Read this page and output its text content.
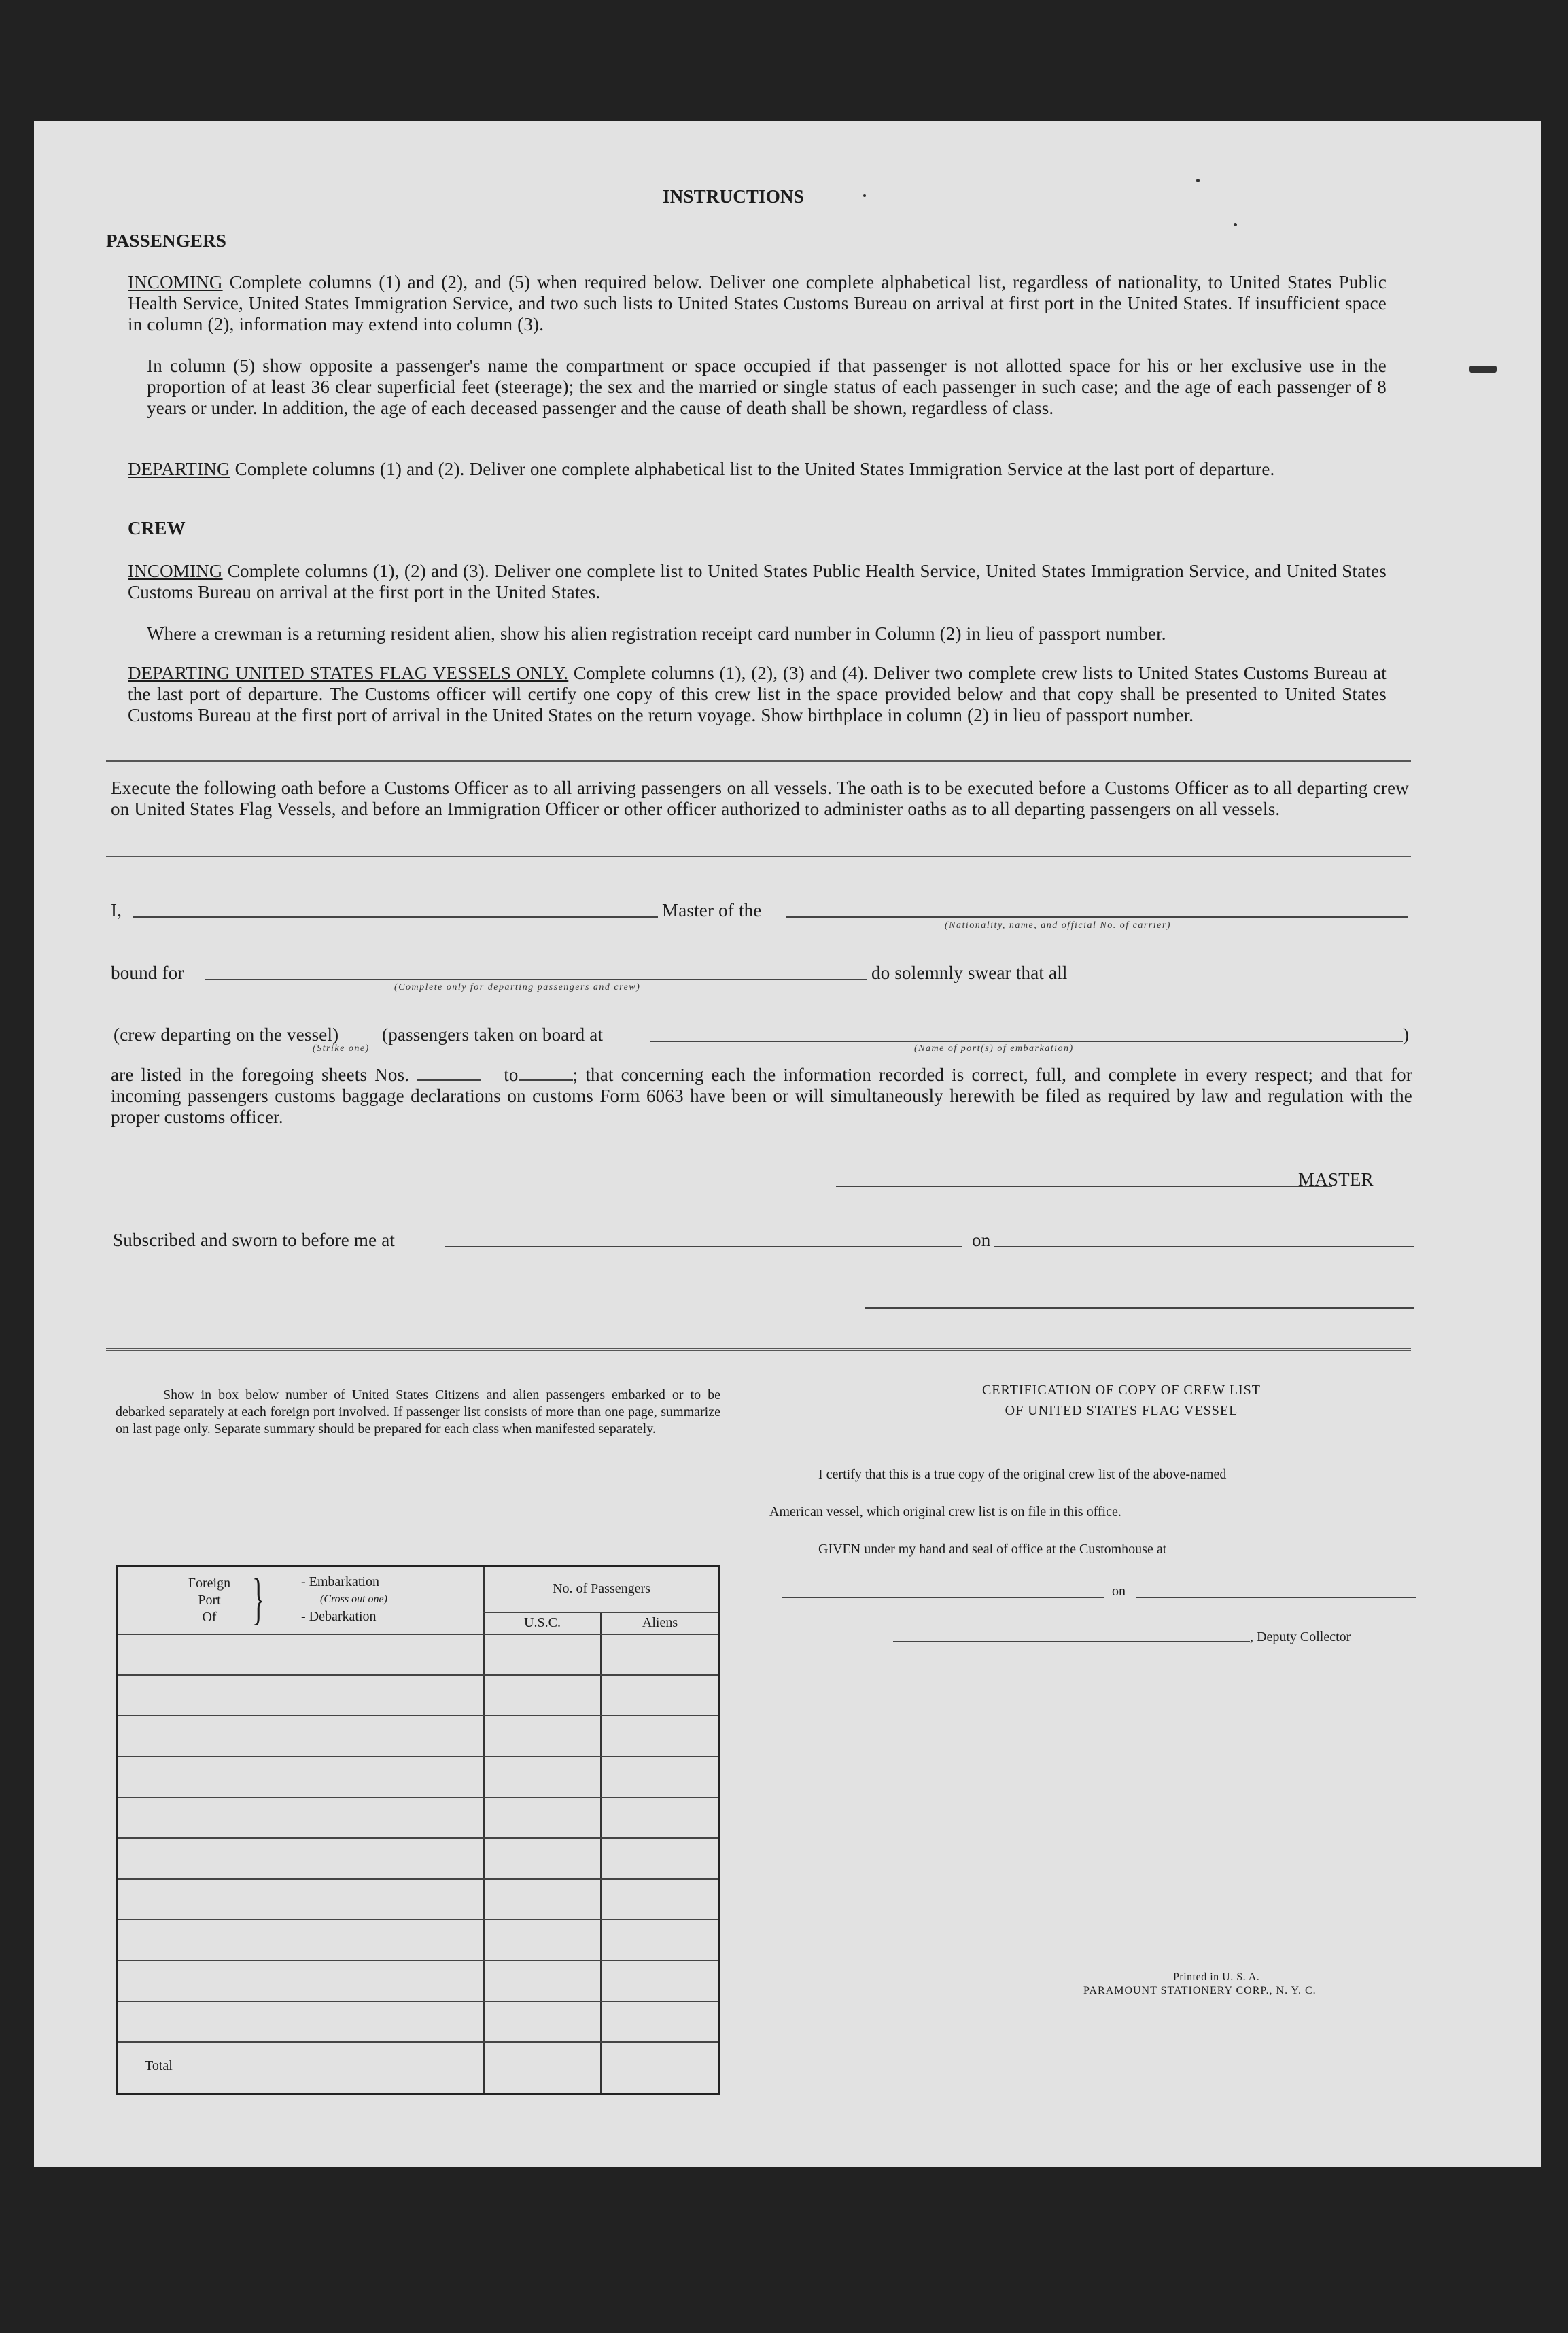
INSTRUCTIONS
PASSENGERS
INCOMING Complete columns (1) and (2), and (5) when required below. Deliver one complete alphabetical list, regardless of nationality, to United States Public Health Service, United States Immigration Service, and two such lists to United States Customs Bureau on arrival at first port in the United States. If insufficient space in column (2), information may extend into column (3).
In column (5) show opposite a passenger's name the compartment or space occupied if that passenger is not allotted space for his or her exclusive use in the proportion of at least 36 clear superficial feet (steerage); the sex and the married or single status of each passenger in such case; and the age of each passenger of 8 years or under. In addition, the age of each deceased passenger and the cause of death shall be shown, regardless of class.
DEPARTING Complete columns (1) and (2). Deliver one complete alphabetical list to the United States Immigration Service at the last port of departure.
CREW
INCOMING Complete columns (1), (2) and (3). Deliver one complete list to United States Public Health Service, United States Immigration Service, and United States Customs Bureau on arrival at the first port in the United States.
Where a crewman is a returning resident alien, show his alien registration receipt card number in Column (2) in lieu of passport number.
DEPARTING UNITED STATES FLAG VESSELS ONLY. Complete columns (1), (2), (3) and (4). Deliver two complete crew lists to United States Customs Bureau at the last port of departure. The Customs officer will certify one copy of this crew list in the space provided below and that copy shall be presented to United States Customs Bureau at the first port of arrival in the United States on the return voyage. Show birthplace in column (2) in lieu of passport number.
Execute the following oath before a Customs Officer as to all arriving passengers on all vessels. The oath is to be executed before a Customs Officer as to all departing crew on United States Flag Vessels, and before an Immigration Officer or other officer authorized to administer oaths as to all departing passengers on all vessels.
I,	Master of the
(Nationality, name, and official No. of carrier)
bound for
(Complete only for departing passengers and crew)
do solemnly swear that all
(crew departing on the vessel) (passengers taken on board at	)
(Strike one)	(Name of port(s) of embarkation)
are listed in the foregoing sheets Nos.	to	; that concerning each the information recorded is correct, full, and complete in every respect; and that for incoming passengers customs baggage declarations on customs Form 6063 have been or will simultaneously herewith be filed as required by law and regulation with the proper customs officer.
MASTER
Subscribed and sworn to before me at	on
Show in box below number of United States Citizens and alien passengers embarked or to be debarked separately at each foreign port involved. If passenger list consists of more than one page, summarize on last page only. Separate summary should be prepared for each class when manifested separately.
Foreign
Port
Of }	- Embarkation
(Cross out one)
- Debarkation
No. of Passengers
U.S.C.	Aliens
Total
CERTIFICATION OF COPY OF CREW LIST
OF UNITED STATES FLAG VESSEL
I certify that this is a true copy of the original crew list of the above-named
American vessel, which original crew list is on file in this office.
GIVEN under my hand and seal of office at the Customhouse at
on
, Deputy Collector
Printed in U. S. A.
PARAMOUNT STATIONERY CORP., N. Y. C.
